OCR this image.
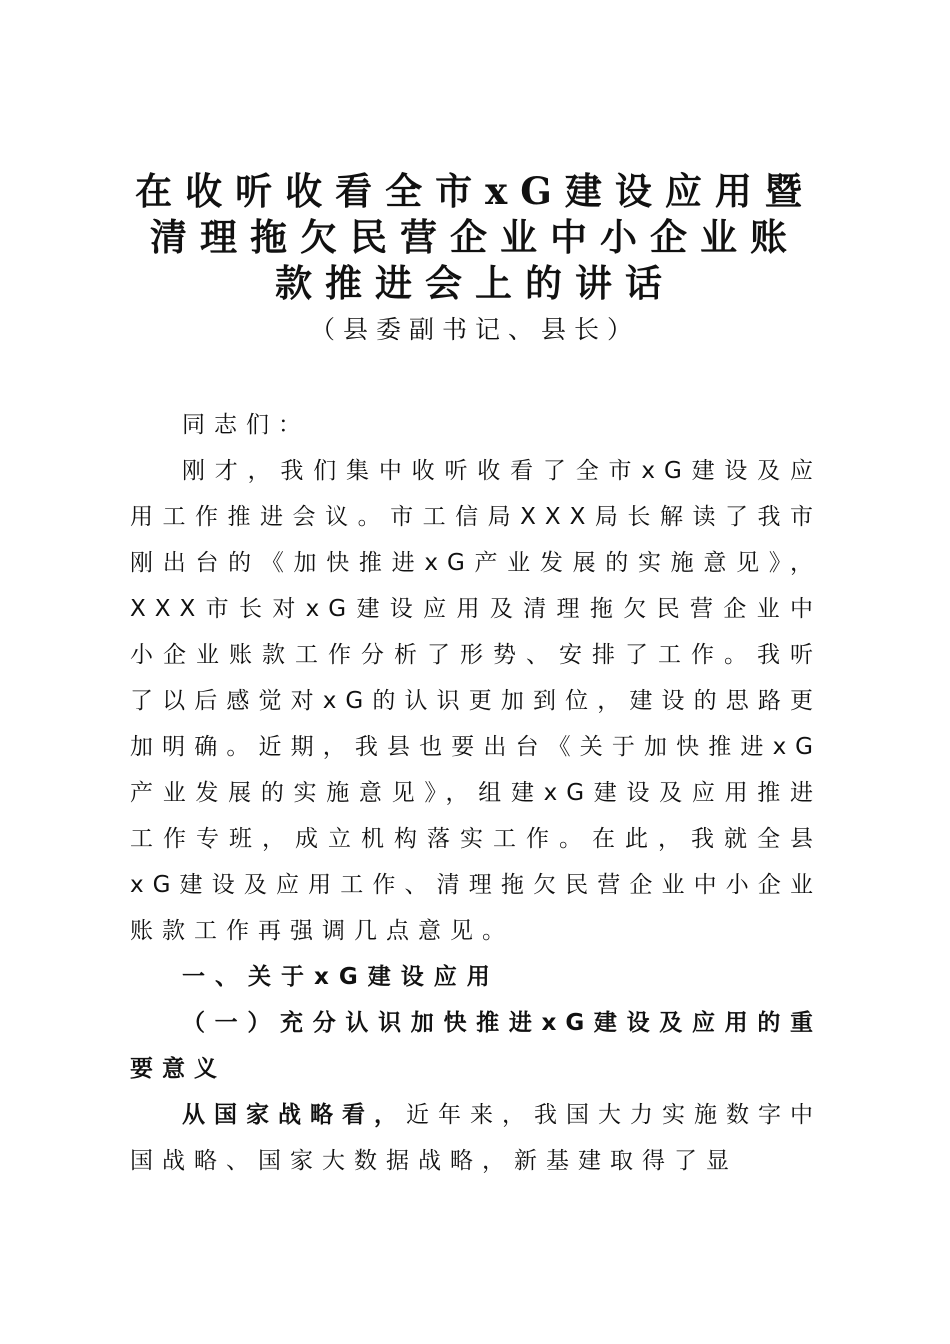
在收听收看全市xG建设应用暨
清理拖欠民营企业中小企业账
款推进会上的讲话
（县委副书记、县长）

同志们：

刚才，我们集中收听收看了全市xG建设及应用工作推进会议。市工信局XXX局长解读了我市刚出台的《加快推进xG产业发展的实施意见》，XXX市长对xG建设应用及清理拖欠民营企业中小企业账款工作分析了形势、安排了工作。我听了以后感觉对xG的认识更加到位，建设的思路更加明确。近期，我县也要出台《关于加快推进xG产业发展的实施意见》，组建xG建设及应用推进工作专班，成立机构落实工作。在此，我就全县xG建设及应用工作、清理拖欠民营企业中小企业账款工作再强调几点意见。

一、关于xG建设应用

（一）充分认识加快推进xG建设及应用的重要意义

从国家战略看，近年来，我国大力实施数字中国战略、国家大数据战略，新基建取得了显
